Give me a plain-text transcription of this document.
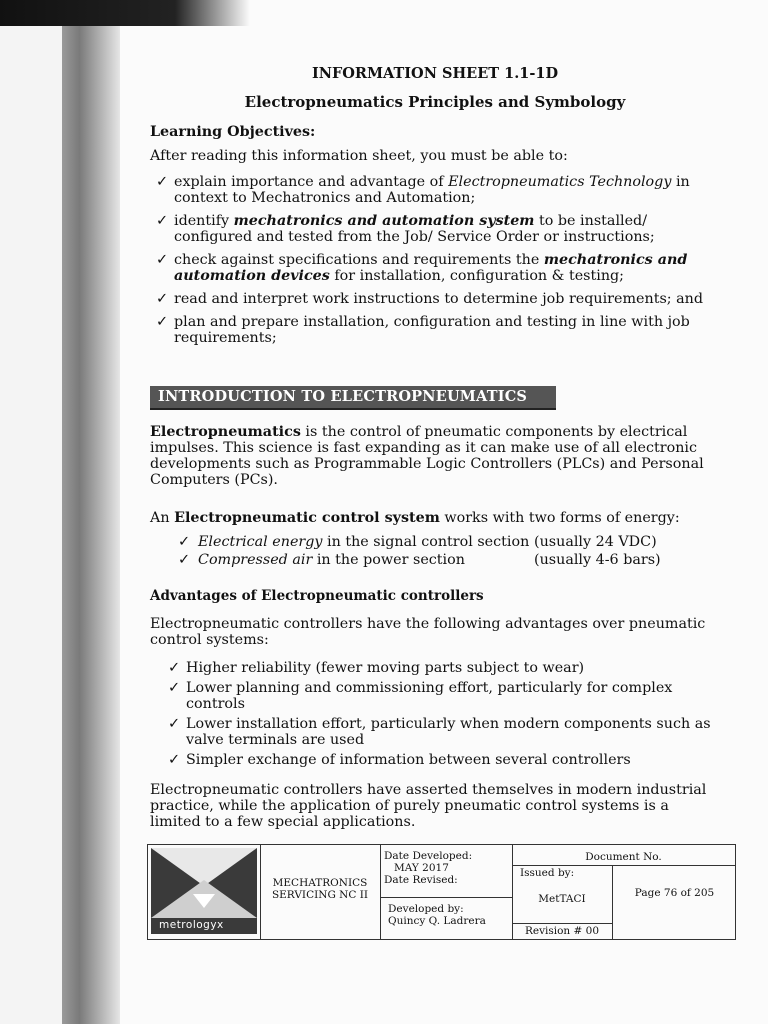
INFORMATION SHEET 1.1-1D
Electropneumatics Principles and Symbology
Learning Objectives:
After reading this information sheet, you must be able to:
✓ explain importance and advantage of Electropneumatics Technology in context to Mechatronics and Automation;
✓ identify mechatronics and automation system to be installed/ configured and tested from the Job/ Service Order or instructions;
✓ check against specifications and requirements the mechatronics and automation devices for installation, configuration & testing;
✓ read and interpret work instructions to determine job requirements; and
✓ plan and prepare installation, configuration and testing in line with job requirements;
INTRODUCTION TO ELECTROPNEUMATICS
Electropneumatics is the control of pneumatic components by electrical impulses. This science is fast expanding as it can make use of all electronic developments such as Programmable Logic Controllers (PLCs) and Personal Computers (PCs).
An Electropneumatic control system works with two forms of energy:
✓ Electrical energy in the signal control section (usually 24 VDC)
✓ Compressed air in the power section	(usually 4-6 bars)
Advantages of Electropneumatic controllers
Electropneumatic controllers have the following advantages over pneumatic control systems:
✓ Higher reliability (fewer moving parts subject to wear)
✓ Lower planning and commissioning effort, particularly for complex controls
✓ Lower installation effort, particularly when modern components such as valve terminals are used
✓ Simpler exchange of information between several controllers
Electropneumatic controllers have asserted themselves in modern industrial practice, while the application of purely pneumatic control systems is a limited to a few special applications.
metrologyx
MECHATRONICS
SERVICING NC II
Date Developed:
MAY 2017
Date Revised:
Developed by:
Quincy Q. Ladrera
Document No.
Issued by:
MetTACI	Page 76 of 205
Revision # 00
